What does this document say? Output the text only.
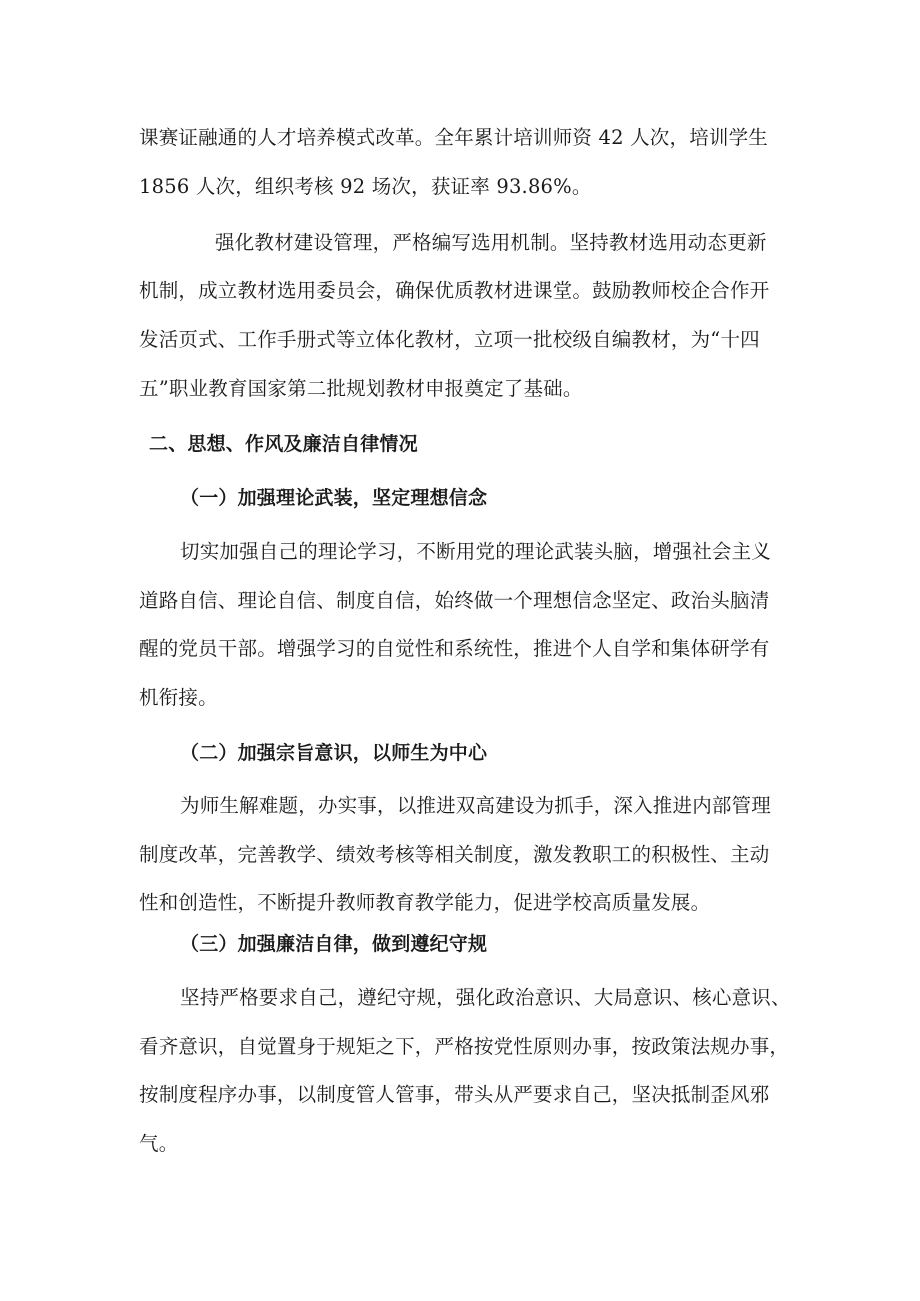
课赛证融通的人才培养模式改革。全年累计培训师资 42 人次，培训学生
1856 人次，组织考核 92 场次，获证率 93.86%。
强化教材建设管理，严格编写选用机制。坚持教材选用动态更新
机制，成立教材选用委员会，确保优质教材进课堂。鼓励教师校企合作开
发活页式、工作手册式等立体化教材，立项一批校级自编教材，为“十四
五”职业教育国家第二批规划教材申报奠定了基础。
二、思想、作风及廉洁自律情况
（一）加强理论武装，坚定理想信念
切实加强自己的理论学习，不断用党的理论武装头脑，增强社会主义
道路自信、理论自信、制度自信，始终做一个理想信念坚定、政治头脑清
醒的党员干部。增强学习的自觉性和系统性，推进个人自学和集体研学有
机衔接。
（二）加强宗旨意识，以师生为中心
为师生解难题，办实事，以推进双高建设为抓手，深入推进内部管理
制度改革，完善教学、绩效考核等相关制度，激发教职工的积极性、主动
性和创造性，不断提升教师教育教学能力，促进学校高质量发展。
（三）加强廉洁自律，做到遵纪守规
坚持严格要求自己，遵纪守规，强化政治意识、大局意识、核心意识、
看齐意识，自觉置身于规矩之下，严格按党性原则办事，按政策法规办事，
按制度程序办事，以制度管人管事，带头从严要求自己，坚决抵制歪风邪
气。
